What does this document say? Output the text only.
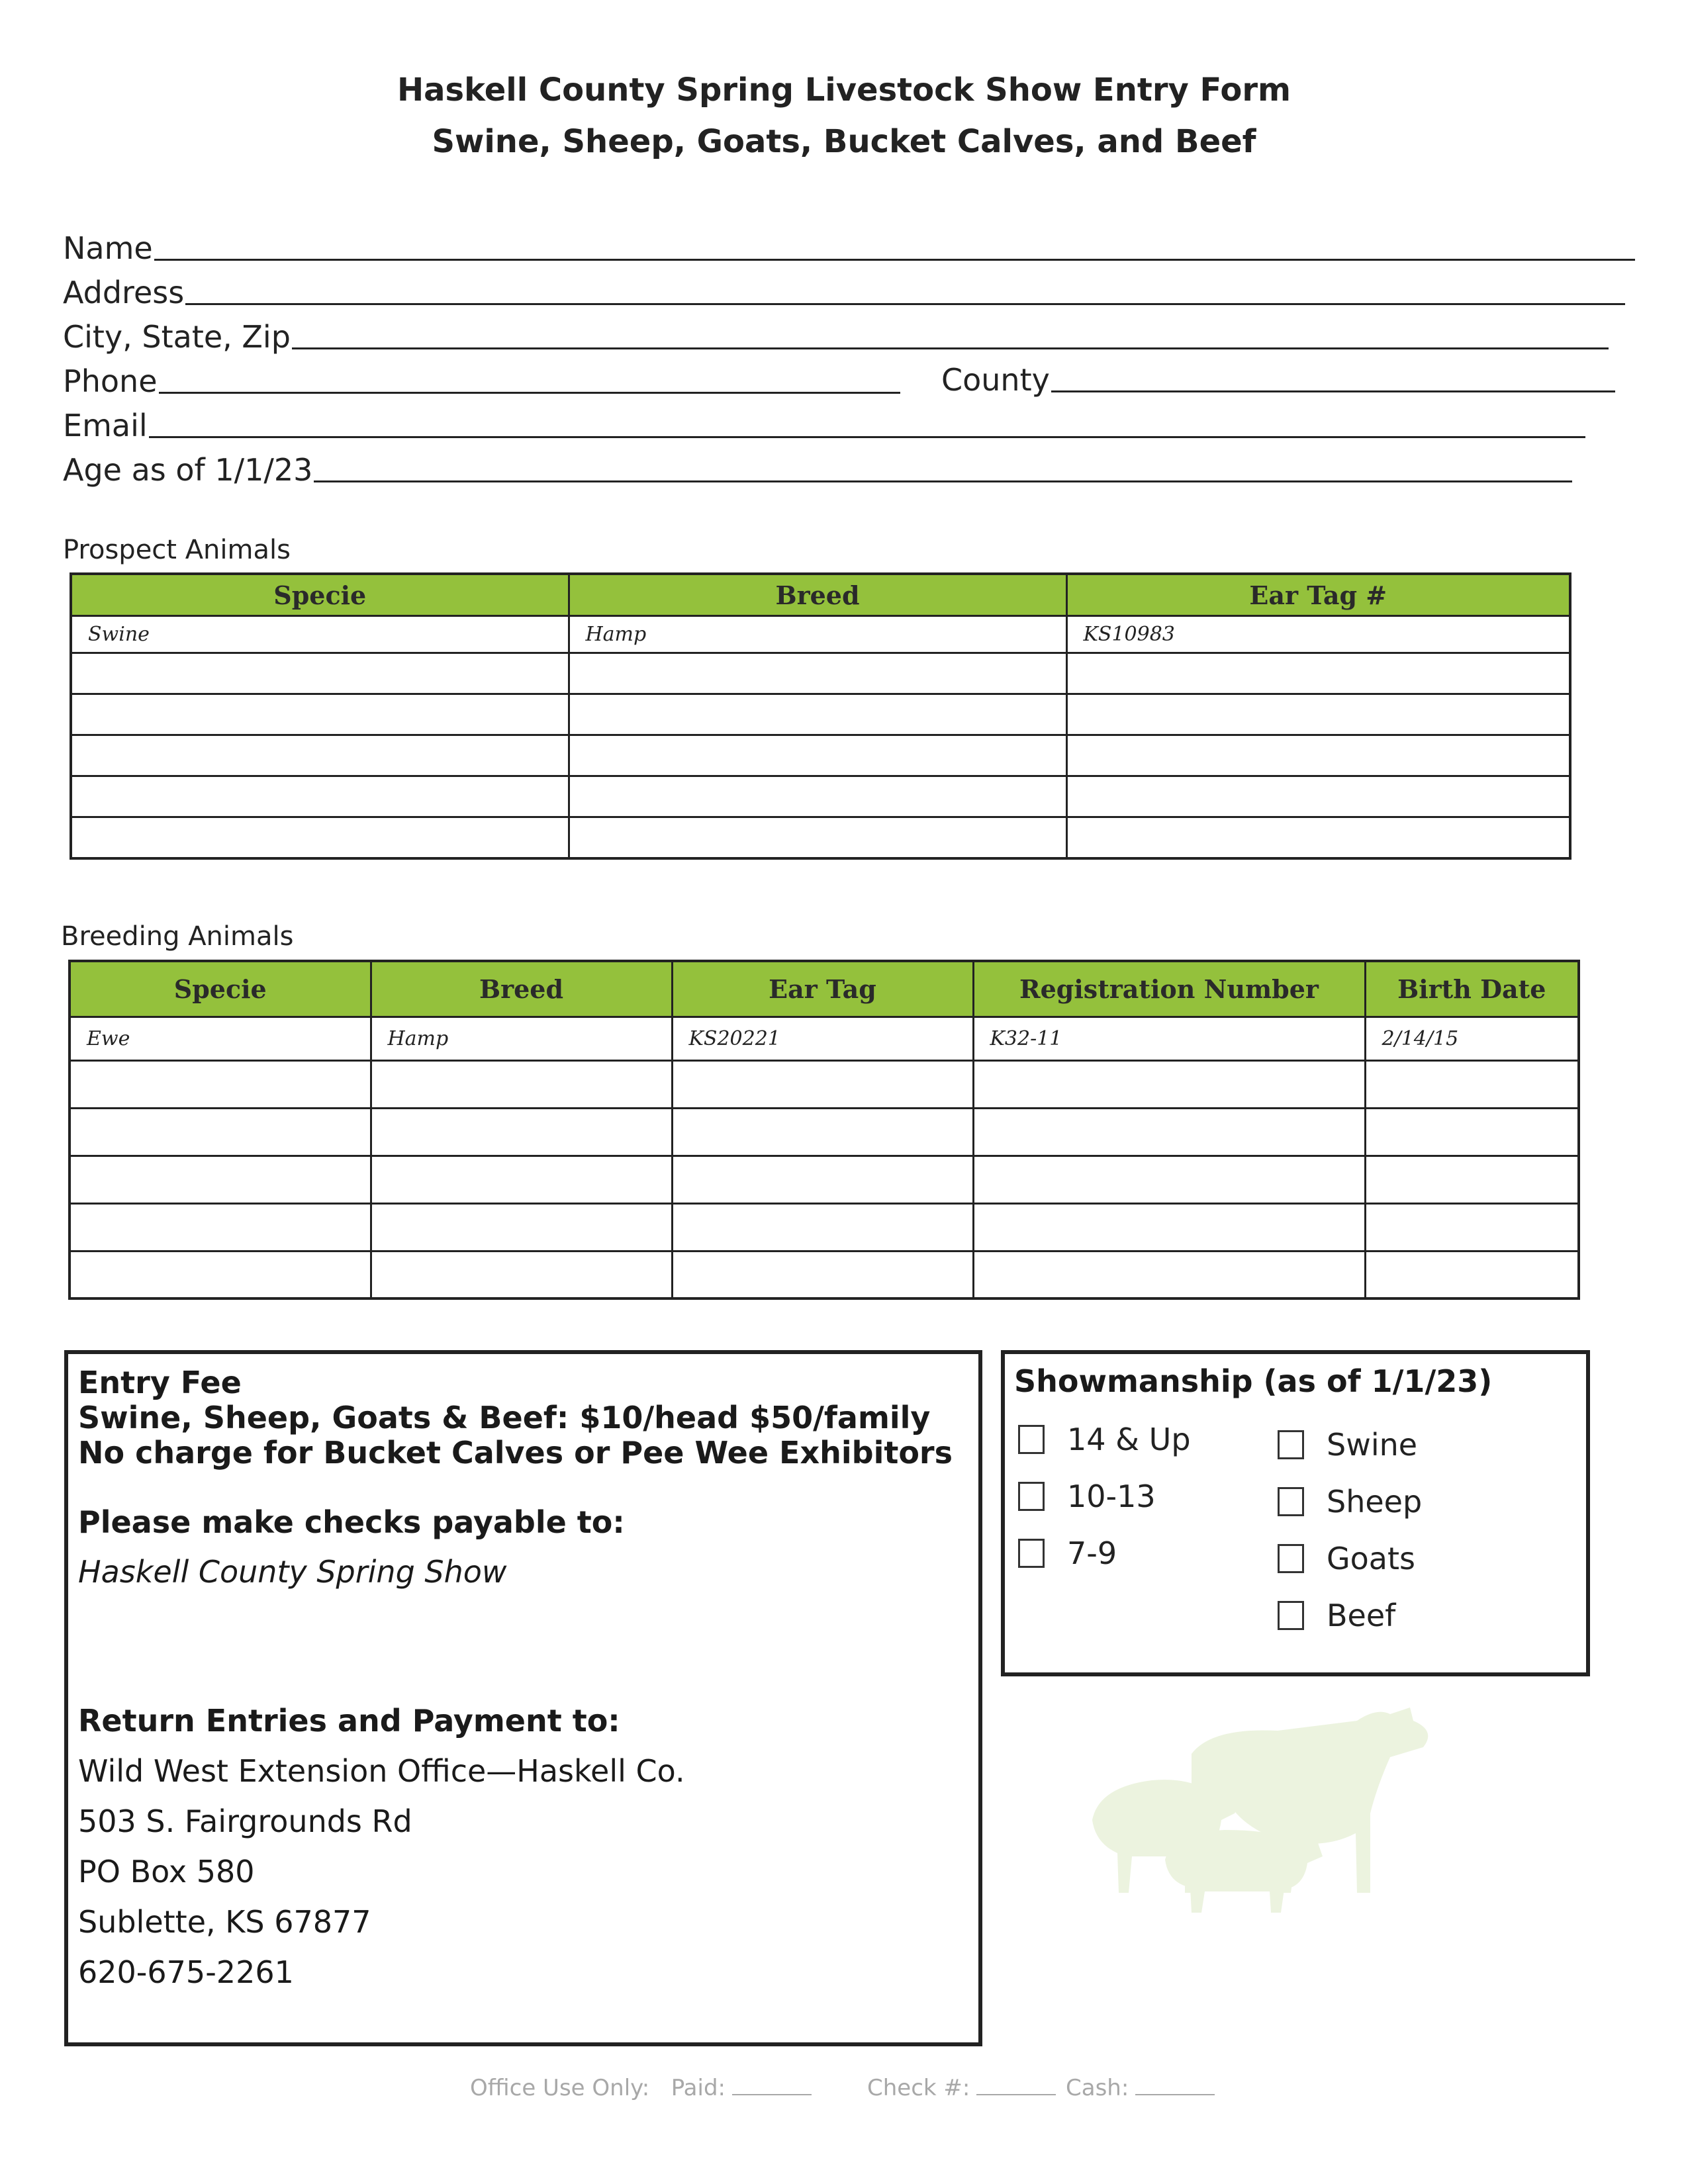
Haskell County Spring Livestock Show Entry Form
Swine, Sheep, Goats, Bucket Calves, and Beef
Name
Address
City, State, Zip
Phone	County
Email
Age as of 1/1/23
Prospect Animals
Specie	Breed	Ear Tag #
Swine	Hamp	KS10983

Breeding Animals
Specie	Breed	Ear Tag	Registration Number	Birth Date
Ewe	Hamp	KS20221	K32-11	2/14/15

Entry Fee
Swine, Sheep, Goats & Beef: $10/head $50/family
No charge for Bucket Calves or Pee Wee Exhibitors
Please make checks payable to:
Haskell County Spring Show
Return Entries and Payment to:
Wild West Extension Office—Haskell Co.
503 S. Fairgrounds Rd
PO Box 580
Sublette, KS 67877
620-675-2261
Showmanship (as of 1/1/23)
14 & Up
10-13
7-9
Swine
Sheep
Goats
Beef
Office Use Only: Paid:	Check #:	Cash:
